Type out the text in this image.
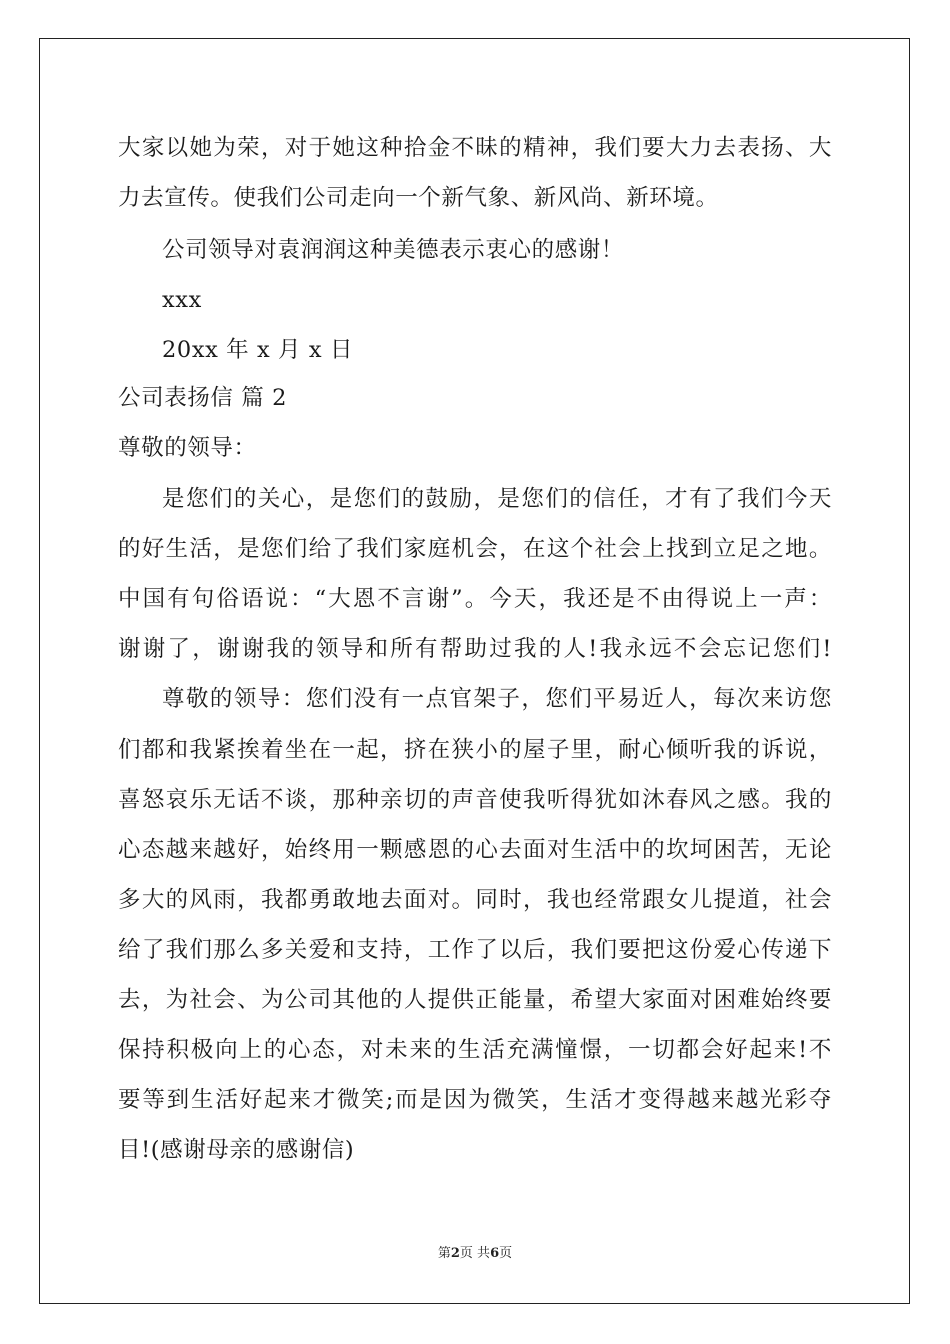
大家以她为荣，对于她这种拾金不昧的精神，我们要大力去表扬、大
力去宣传。使我们公司走向一个新气象、新风尚、新环境。
公司领导对袁润润这种美德表示衷心的感谢！
xxx
20xx 年 x 月 x 日
公司表扬信 篇 2
尊敬的领导：
是您们的关心，是您们的鼓励，是您们的信任，才有了我们今天
的好生活，是您们给了我们家庭机会，在这个社会上找到立足之地。
中国有句俗语说：“大恩不言谢”。今天，我还是不由得说上一声：
谢谢了，谢谢我的领导和所有帮助过我的人!我永远不会忘记您们!
尊敬的领导：您们没有一点官架子，您们平易近人，每次来访您
们都和我紧挨着坐在一起，挤在狭小的屋子里，耐心倾听我的诉说，
喜怒哀乐无话不谈，那种亲切的声音使我听得犹如沐春风之感。我的
心态越来越好，始终用一颗感恩的心去面对生活中的坎坷困苦，无论
多大的风雨，我都勇敢地去面对。同时，我也经常跟女儿提道，社会
给了我们那么多关爱和支持，工作了以后，我们要把这份爱心传递下
去，为社会、为公司其他的人提供正能量，希望大家面对困难始终要
保持积极向上的心态，对未来的生活充满憧憬，一切都会好起来!不
要等到生活好起来才微笑;而是因为微笑，生活才变得越来越光彩夺
目!(感谢母亲的感谢信)
第2页 共6页
